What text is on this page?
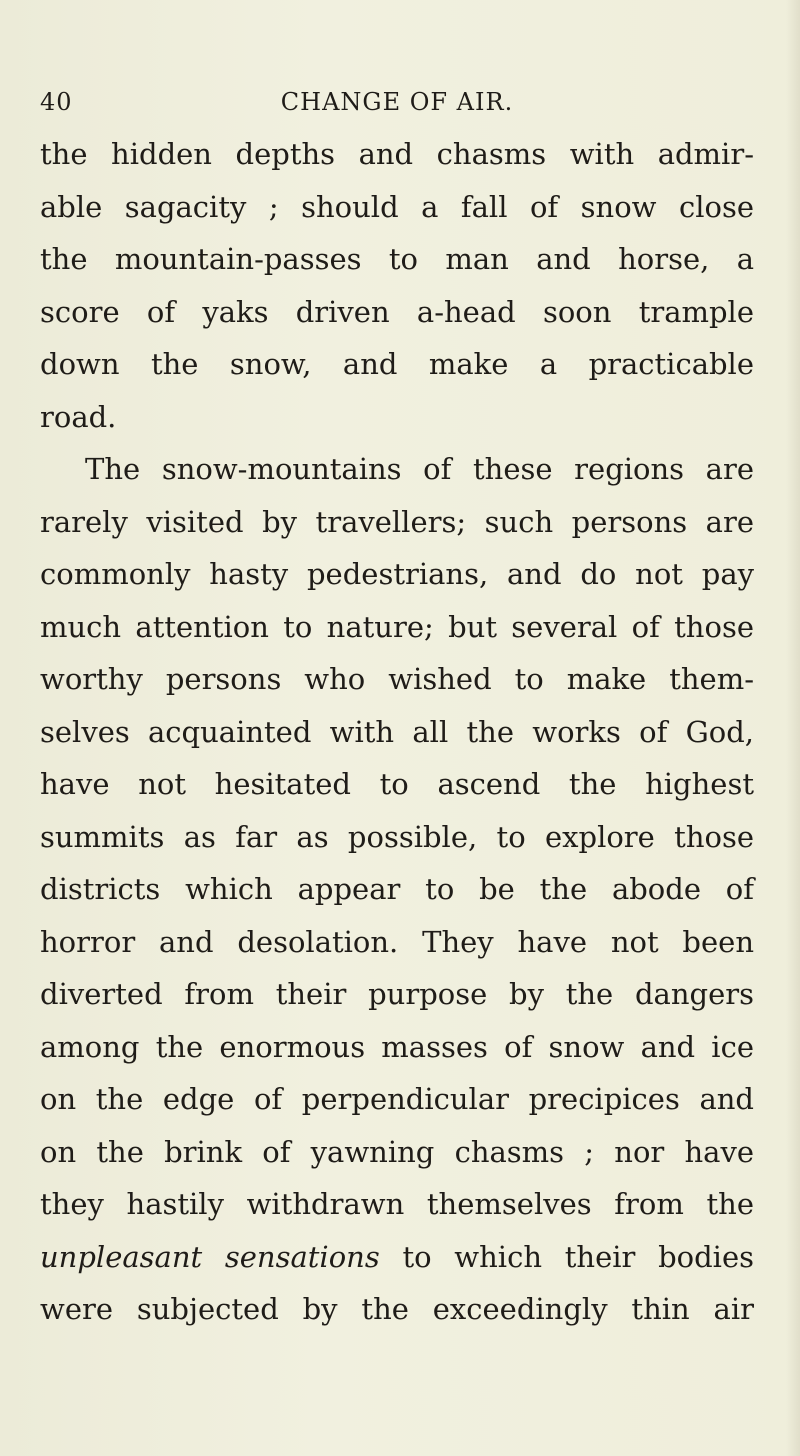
40	CHANGE OF AIR.
the hidden depths and chasms with admir-
able sagacity ; should a fall of snow close
the mountain-passes to man and horse, a
score of yaks driven a-head soon trample
down the snow, and make a practicable
road.
The snow-mountains of these regions are
rarely visited by travellers; such persons are
commonly hasty pedestrians, and do not pay
much attention to nature; but several of those
worthy persons who wished to make them-
selves acquainted with all the works of God,
have not hesitated to ascend the highest
summits as far as possible, to explore those
districts which appear to be the abode of
horror and desolation. They have not been
diverted from their purpose by the dangers
among the enormous masses of snow and ice
on the edge of perpendicular precipices and
on the brink of yawning chasms ; nor have
they hastily withdrawn themselves from the
unpleasant sensations to which their bodies
were subjected by the exceedingly thin air
